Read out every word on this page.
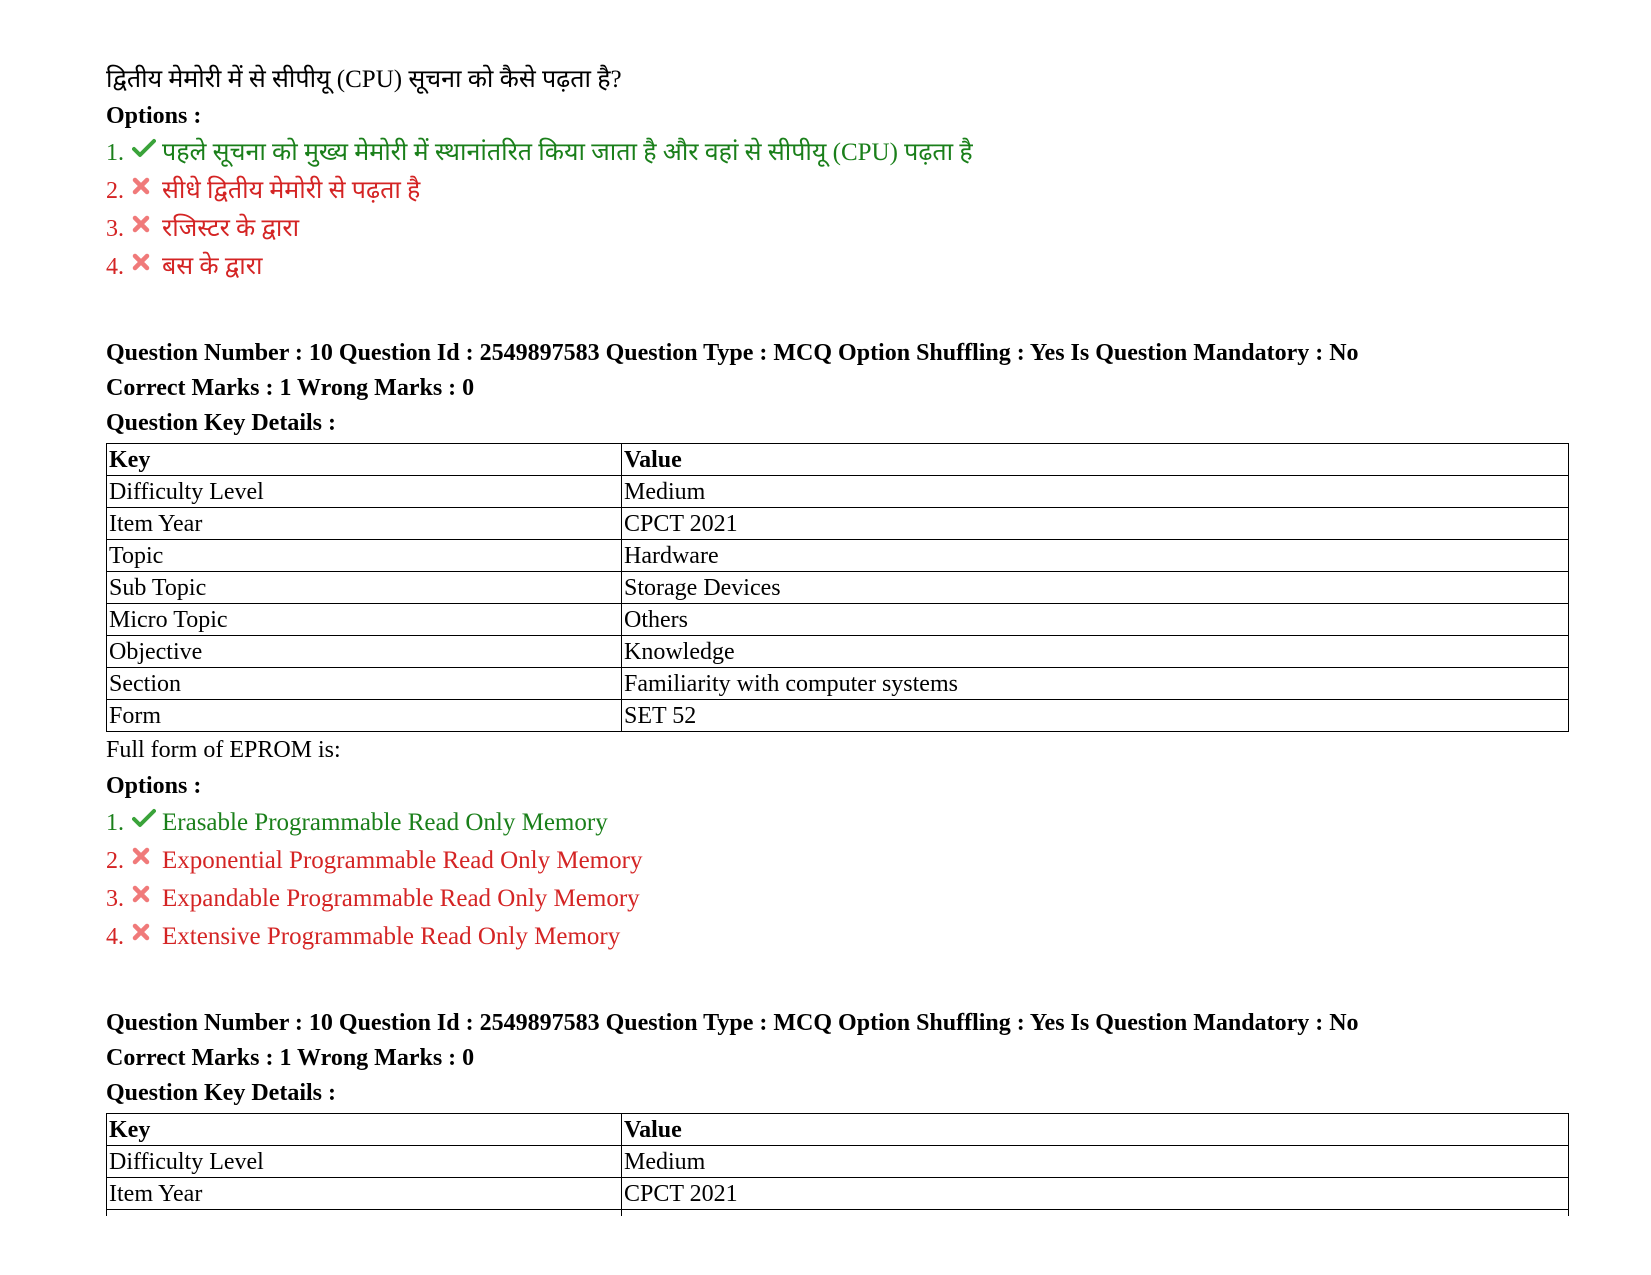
द्वितीय मेमोरी में से सीपीयू (CPU) सूचना को कैसे पढ़ता है?

Options :

1.	पहले सूचना को मुख्य मेमोरी में स्थानांतरित किया जाता है और वहां से सीपीयू (CPU) पढ़ता है
2.	सीधे द्वितीय मेमोरी से पढ़ता है
3.	रजिस्टर के द्वारा
4.	बस के द्वारा

Question Number : 10 Question Id : 2549897583 Question Type : MCQ Option Shuffling : Yes Is Question Mandatory : No

Correct Marks : 1 Wrong Marks : 0

Question Key Details :

Key	Value
Difficulty Level	Medium
Item Year	CPCT 2021
Topic	Hardware
Sub Topic	Storage Devices
Micro Topic	Others
Objective	Knowledge
Section	Familiarity with computer systems
Form	SET 52

Full form of EPROM is:

Options :

1.	Erasable Programmable Read Only Memory
2.	Exponential Programmable Read Only Memory
3.	Expandable Programmable Read Only Memory
4.	Extensive Programmable Read Only Memory

Question Number : 10 Question Id : 2549897583 Question Type : MCQ Option Shuffling : Yes Is Question Mandatory : No

Correct Marks : 1 Wrong Marks : 0

Question Key Details :

Key	Value
Difficulty Level	Medium
Item Year	CPCT 2021
